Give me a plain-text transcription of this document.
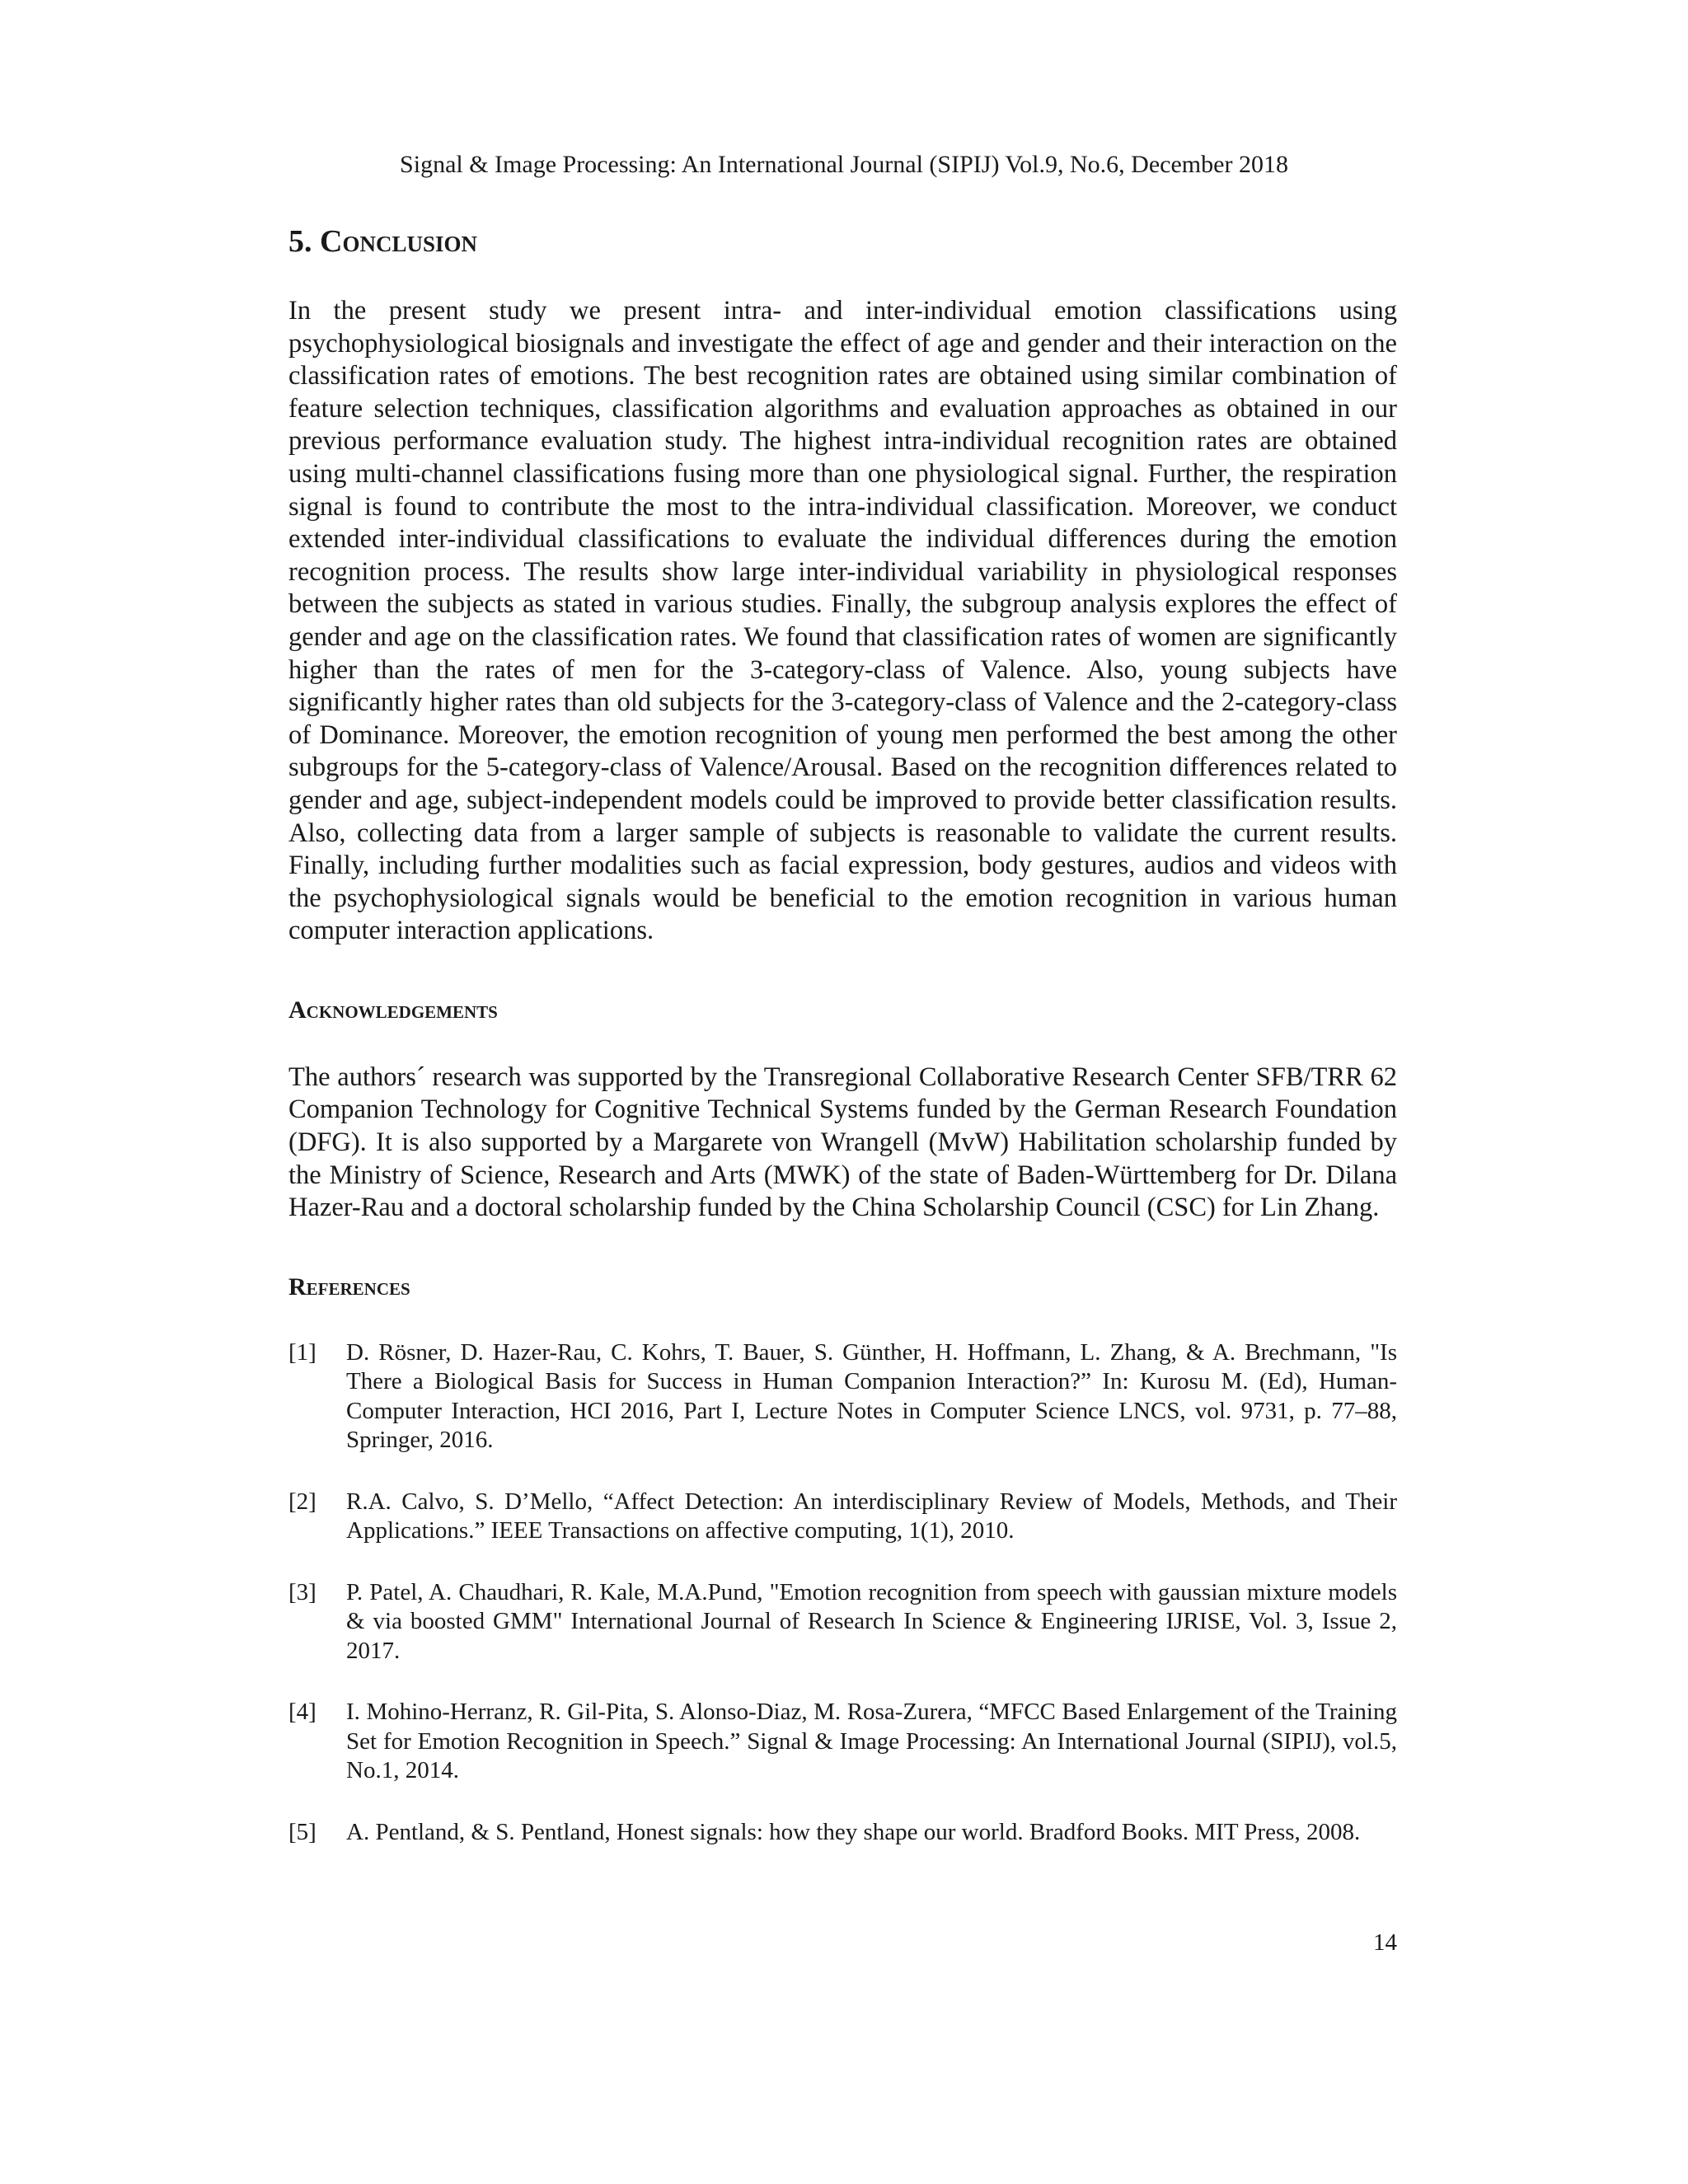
Signal & Image Processing: An International Journal (SIPIJ) Vol.9, No.6, December 2018
5. Conclusion

In the present study we present intra- and inter-individual emotion classifications using psychophysiological biosignals and investigate the effect of age and gender and their interaction on the classification rates of emotions. The best recognition rates are obtained using similar combination of feature selection techniques, classification algorithms and evaluation approaches as obtained in our previous performance evaluation study. The highest intra-individual recognition rates are obtained using multi-channel classifications fusing more than one physiological signal. Further, the respiration signal is found to contribute the most to the intra-individual classification. Moreover, we conduct extended inter-individual classifications to evaluate the individual differences during the emotion recognition process. The results show large inter-individual variability in physiological responses between the subjects as stated in various studies. Finally, the subgroup analysis explores the effect of gender and age on the classification rates. We found that classification rates of women are significantly higher than the rates of men for the 3-category-class of Valence. Also, young subjects have significantly higher rates than old subjects for the 3-category-class of Valence and the 2-category-class of Dominance. Moreover, the emotion recognition of young men performed the best among the other subgroups for the 5-category-class of Valence/Arousal. Based on the recognition differences related to gender and age, subject-independent models could be improved to provide better classification results. Also, collecting data from a larger sample of subjects is reasonable to validate the current results. Finally, including further modalities such as facial expression, body gestures, audios and videos with the psychophysiological signals would be beneficial to the emotion recognition in various human computer interaction applications.

Acknowledgements

The authors´ research was supported by the Transregional Collaborative Research Center SFB/TRR 62 Companion Technology for Cognitive Technical Systems funded by the German Research Foundation (DFG). It is also supported by a Margarete von Wrangell (MvW) Habilitation scholarship funded by the Ministry of Science, Research and Arts (MWK) of the state of Baden-Württemberg for Dr. Dilana Hazer-Rau and a doctoral scholarship funded by the China Scholarship Council (CSC) for Lin Zhang.

References
[1]	D. Rösner, D. Hazer-Rau, C. Kohrs, T. Bauer, S. Günther, H. Hoffmann, L. Zhang, & A. Brechmann, "Is There a Biological Basis for Success in Human Companion Interaction?” In: Kurosu M. (Ed), Human-Computer Interaction, HCI 2016, Part I, Lecture Notes in Computer Science LNCS, vol. 9731, p. 77–88, Springer, 2016.
[2]	R.A. Calvo, S. D’Mello, “Affect Detection: An interdisciplinary Review of Models, Methods, and Their Applications.” IEEE Transactions on affective computing, 1(1), 2010.
[3]	P. Patel, A. Chaudhari, R. Kale, M.A.Pund, "Emotion recognition from speech with gaussian mixture models & via boosted GMM" International Journal of Research In Science & Engineering IJRISE, Vol. 3, Issue 2, 2017.
[4]	I. Mohino-Herranz, R. Gil-Pita, S. Alonso-Diaz, M. Rosa-Zurera, “MFCC Based Enlargement of the Training Set for Emotion Recognition in Speech.” Signal & Image Processing: An International Journal (SIPIJ), vol.5, No.1, 2014.
[5]	A. Pentland, & S. Pentland, Honest signals: how they shape our world. Bradford Books. MIT Press, 2008.
14
